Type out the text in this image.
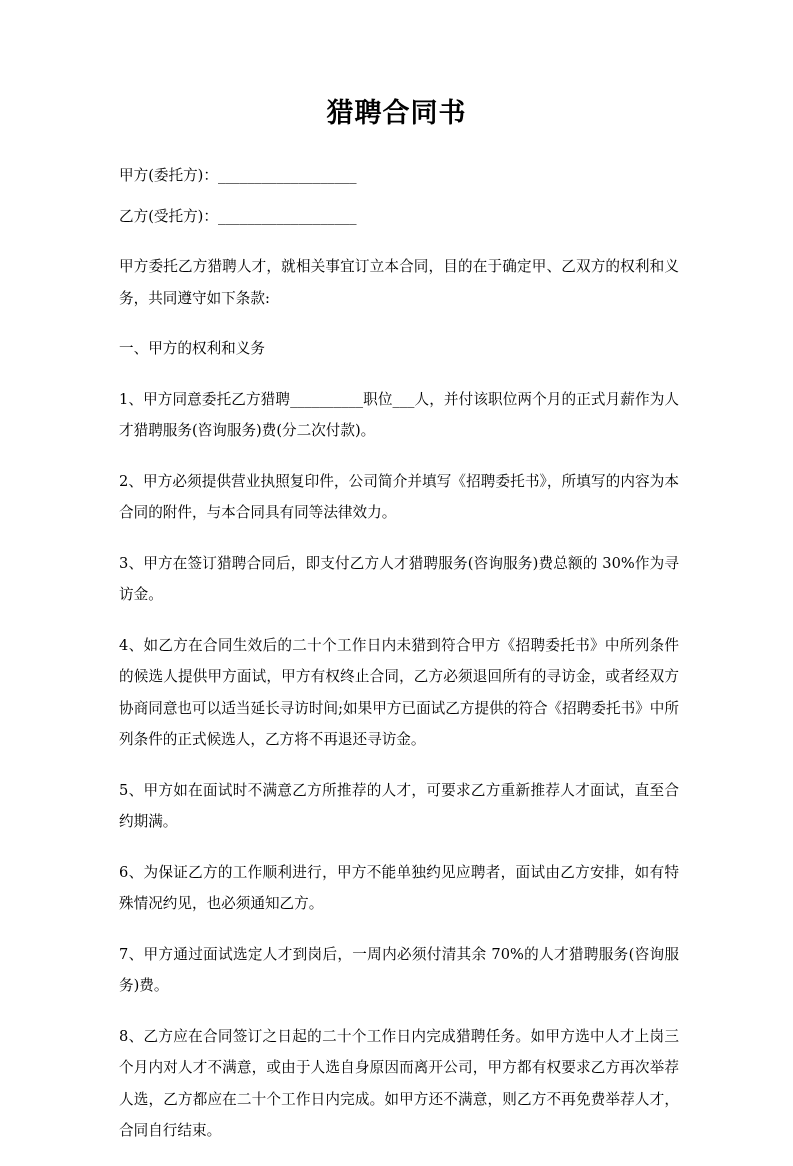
猎聘合同书

甲方(委托方)：___________________

乙方(受托方)：___________________

甲方委托乙方猎聘人才，就相关事宜订立本合同，目的在于确定甲、乙双方的权利和义务，共同遵守如下条款:

一、甲方的权利和义务

1、甲方同意委托乙方猎聘__________职位___人，并付该职位两个月的正式月薪作为人才猎聘服务(咨询服务)费(分二次付款)。

2、甲方必须提供营业执照复印件，公司简介并填写《招聘委托书》，所填写的内容为本合同的附件，与本合同具有同等法律效力。

3、甲方在签订猎聘合同后，即支付乙方人才猎聘服务(咨询服务)费总额的 30%作为寻访金。

4、如乙方在合同生效后的二十个工作日内未猎到符合甲方《招聘委托书》中所列条件的候选人提供甲方面试，甲方有权终止合同，乙方必须退回所有的寻访金，或者经双方协商同意也可以适当延长寻访时间;如果甲方已面试乙方提供的符合《招聘委托书》中所列条件的正式候选人，乙方将不再退还寻访金。

5、甲方如在面试时不满意乙方所推荐的人才，可要求乙方重新推荐人才面试，直至合约期满。

6、为保证乙方的工作顺利进行，甲方不能单独约见应聘者，面试由乙方安排，如有特殊情况约见，也必须通知乙方。

7、甲方通过面试选定人才到岗后，一周内必须付清其余 70%的人才猎聘服务(咨询服务)费。

8、乙方应在合同签订之日起的二十个工作日内完成猎聘任务。如甲方选中人才上岗三个月内对人才不满意，或由于人选自身原因而离开公司，甲方都有权要求乙方再次举荐人选，乙方都应在二十个工作日内完成。如甲方还不满意，则乙方不再免费举荐人才，合同自行结束。
